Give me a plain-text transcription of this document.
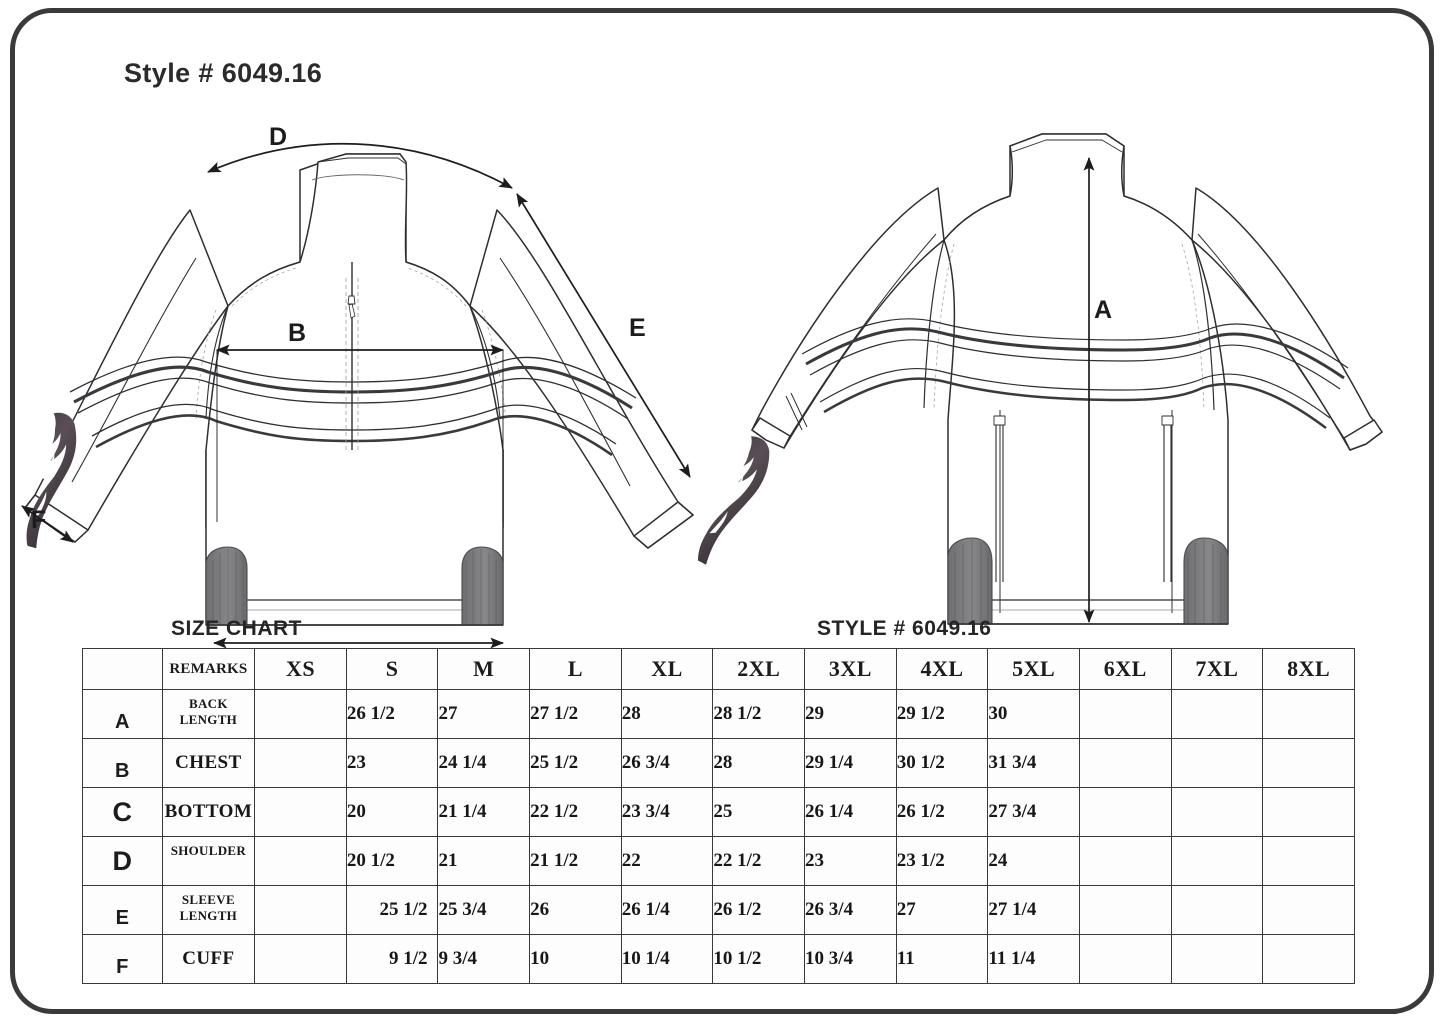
Style # 6049.16
D
B	E
F
A
SIZE CHART	STYLE # 6049.16
	REMARKS	XS	S	M	L	XL	2XL	3XL	4XL	5XL	6XL	7XL	8XL
A	BACK LENGTH		26 1/2	27	27 1/2	28	28 1/2	29	29 1/2	30			
B	CHEST		23	24 1/4	25 1/2	26 3/4	28	29 1/4	30 1/2	31 3/4			
C	BOTTOM		20	21 1/4	22 1/2	23 3/4	25	26 1/4	26 1/2	27 3/4			
D	SHOULDER		20 1/2	21	21 1/2	22	22 1/2	23	23 1/2	24			
E	SLEEVE LENGTH		25 1/2	25 3/4	26	26 1/4	26 1/2	26 3/4	27	27 1/4			
F	CUFF		9 1/2	9 3/4	10	10 1/4	10 1/2	10 3/4	11	11 1/4			
